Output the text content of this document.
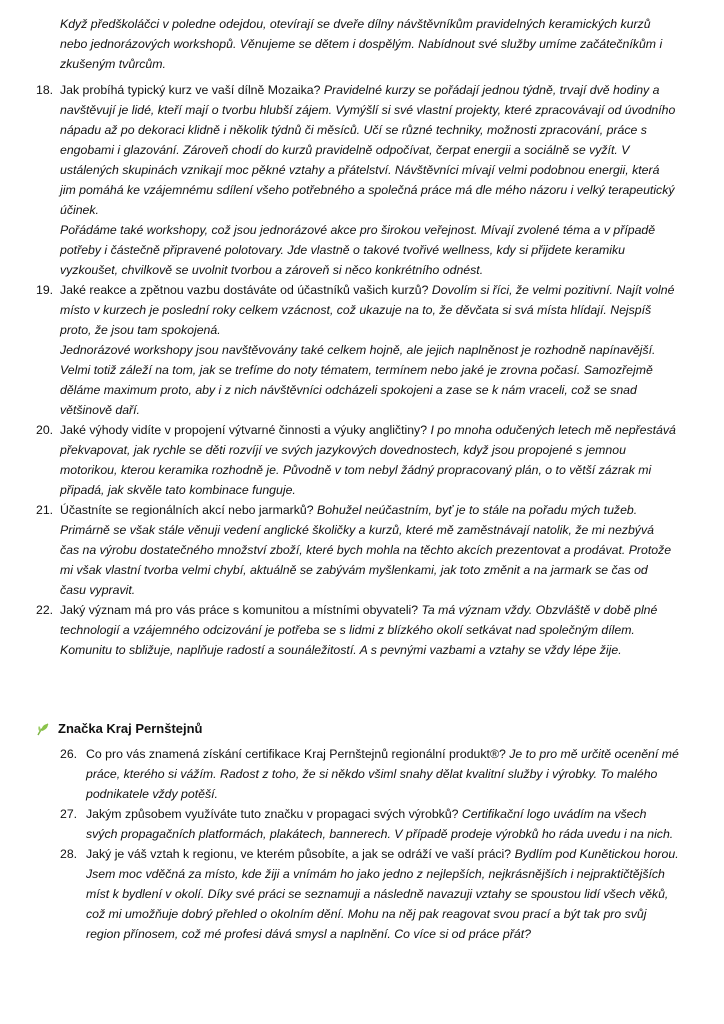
Když předškoláčci v poledne odejdou, otevírají se dveře dílny návštěvníkům pravidelných keramických kurzů nebo jednorázových workshopů. Věnujeme se dětem i dospělým. Nabídnout své služby umíme začátečníkům i zkušeným tvůrcům.

18. Jak probíhá typický kurz ve vaší dílně Mozaika? Pravidelné kurzy se pořádají jednou týdně, trvají dvě hodiny a navštěvují je lidé, kteří mají o tvorbu hlubší zájem. Vymýšlí si své vlastní projekty, které zpracovávají od úvodního nápadu až po dekoraci klidně i několik týdnů či měsíců. Učí se různé techniky, možnosti zpracování, práce s engobami i glazování. Zároveň chodí do kurzů pravidelně odpočívat, čerpat energii a sociálně se vyžít. V ustálených skupinách vznikají moc pěkné vztahy a přátelství. Návštěvníci mívají velmi podobnou energii, která jim pomáhá ke vzájemnému sdílení všeho potřebného a společná práce má dle mého názoru i velký terapeutický účinek.
Pořádáme také workshopy, což jsou jednorázové akce pro širokou veřejnost. Mívají zvolené téma a v případě potřeby i částečně připravené polotovary. Jde vlastně o takové tvořivé wellness, kdy si přijdete keramiku vyzkoušet, chvilkově se uvolnit tvorbou a zároveň si něco konkrétního odnést.

19. Jaké reakce a zpětnou vazbu dostáváte od účastníků vašich kurzů? Dovolím si říci, že velmi pozitivní. Najít volné místo v kurzech je poslední roky celkem vzácnost, což ukazuje na to, že děvčata si svá místa hlídají. Nejspíš proto, že jsou tam spokojená.
Jednorázové workshopy jsou navštěvovány také celkem hojně, ale jejich naplněnost je rozhodně napínavější. Velmi totiž záleží na tom, jak se trefíme do noty tématem, termínem nebo jaké je zrovna počasí. Samozřejmě děláme maximum proto, aby i z nich návštěvníci odcházeli spokojeni a zase se k nám vraceli, což se snad většinově daří.

20. Jaké výhody vidíte v propojení výtvarné činnosti a výuky angličtiny? I po mnoha odučených letech mě nepřestává překvapovat, jak rychle se děti rozvíjí ve svých jazykových dovednostech, když jsou propojené s jemnou motorikou, kterou keramika rozhodně je. Původně v tom nebyl žádný propracovaný plán, o to větší zázrak mi připadá, jak skvěle tato kombinace funguje.

21. Účastníte se regionálních akcí nebo jarmarků? Bohužel neúčastním, byť je to stále na pořadu mých tužeb. Primárně se však stále věnuji vedení anglické školičky a kurzů, které mě zaměstnávají natolik, že mi nezbývá čas na výrobu dostatečného množství zboží, které bych mohla na těchto akcích prezentovat a prodávat. Protože mi však vlastní tvorba velmi chybí, aktuálně se zabývám myšlenkami, jak toto změnit a na jarmark se čas od času vypravit.

22. Jaký význam má pro vás práce s komunitou a místními obyvateli? Ta má význam vždy. Obzvláště v době plné technologií a vzájemného odcizování je potřeba se s lidmi z blízkého okolí setkávat nad společným dílem. Komunitu to sbližuje, naplňuje radostí a sounáležitostí. A s pevnými vazbami a vztahy se vždy lépe žije.

Značka Kraj Pernštejnů

26. Co pro vás znamená získání certifikace Kraj Pernštejnů regionální produkt®? Je to pro mě určitě ocenění mé práce, kterého si vážím. Radost z toho, že si někdo všiml snahy dělat kvalitní služby i výrobky. To malého podnikatele vždy potěší.

27. Jakým způsobem využíváte tuto značku v propagaci svých výrobků? Certifikační logo uvádím na všech svých propagačních platformách, plakátech, bannerech. V případě prodeje výrobků ho ráda uvedu i na nich.

28. Jaký je váš vztah k regionu, ve kterém působíte, a jak se odráží ve vaší práci? Bydlím pod Kunětickou horou. Jsem moc vděčná za místo, kde žiji a vnímám ho jako jedno z nejlepších, nejkrásnějších i nejpraktičtějších míst k bydlení v okolí. Díky své práci se seznamuji a následně navazuji vztahy se spoustou lidí všech věků, což mi umožňuje dobrý přehled o okolním dění. Mohu na něj pak reagovat svou prací a být tak pro svůj region přínosem, což mé profesi dává smysl a naplnění. Co více si od práce přát?
